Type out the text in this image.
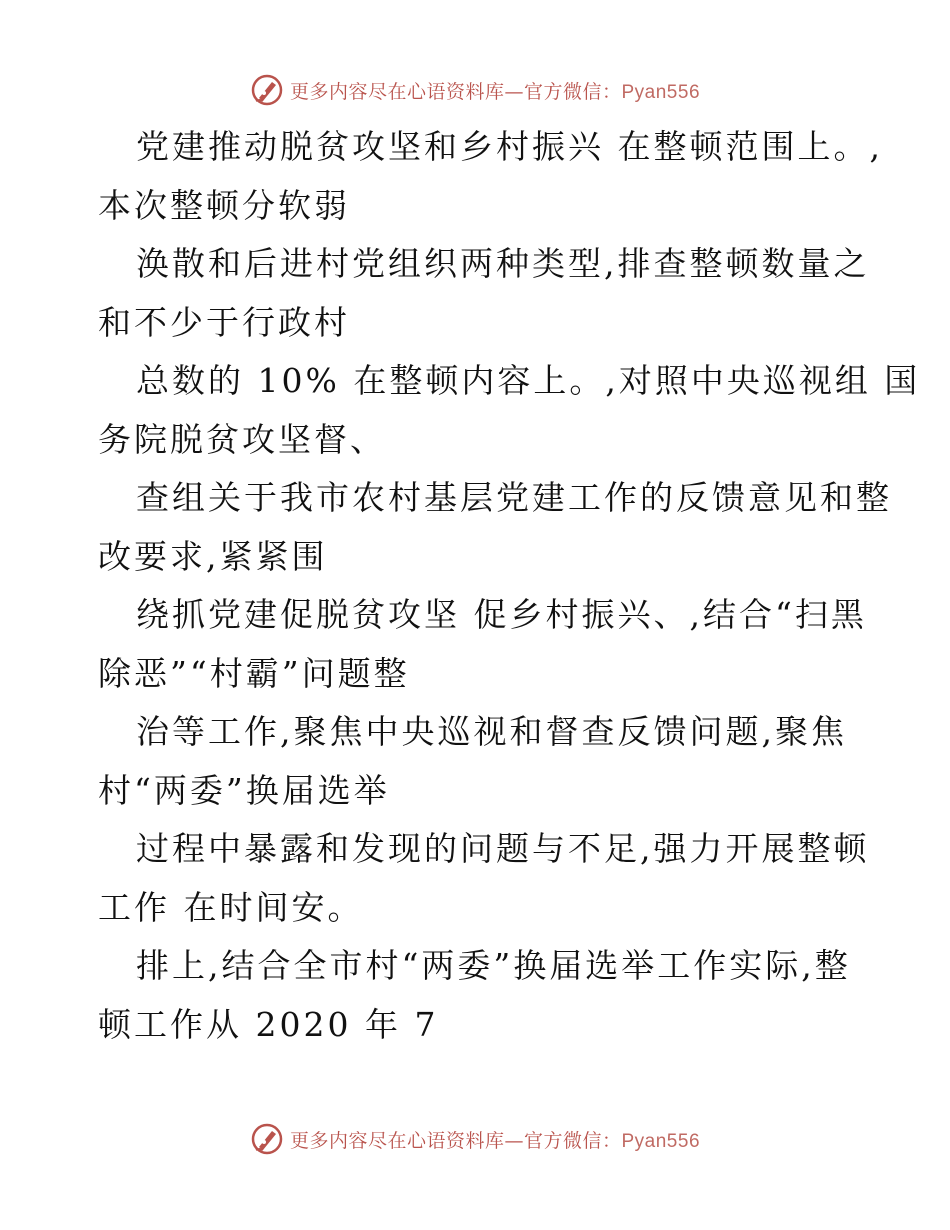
更多内容尽在心语资料库—官方微信：Pyan556
党建推动脱贫攻坚和乡村振兴 在整顿范围上。,
本次整顿分软弱
涣散和后进村党组织两种类型,排查整顿数量之
和不少于行政村
总数的 10% 在整顿内容上。,对照中央巡视组 国
务院脱贫攻坚督、
查组关于我市农村基层党建工作的反馈意见和整
改要求,紧紧围
绕抓党建促脱贫攻坚 促乡村振兴、,结合“扫黑
除恶”“村霸”问题整
治等工作,聚焦中央巡视和督查反馈问题,聚焦
村“两委”换届选举
过程中暴露和发现的问题与不足,强力开展整顿
工作 在时间安。
排上,结合全市村“两委”换届选举工作实际,整
顿工作从 2020 年 7
更多内容尽在心语资料库—官方微信：Pyan556
